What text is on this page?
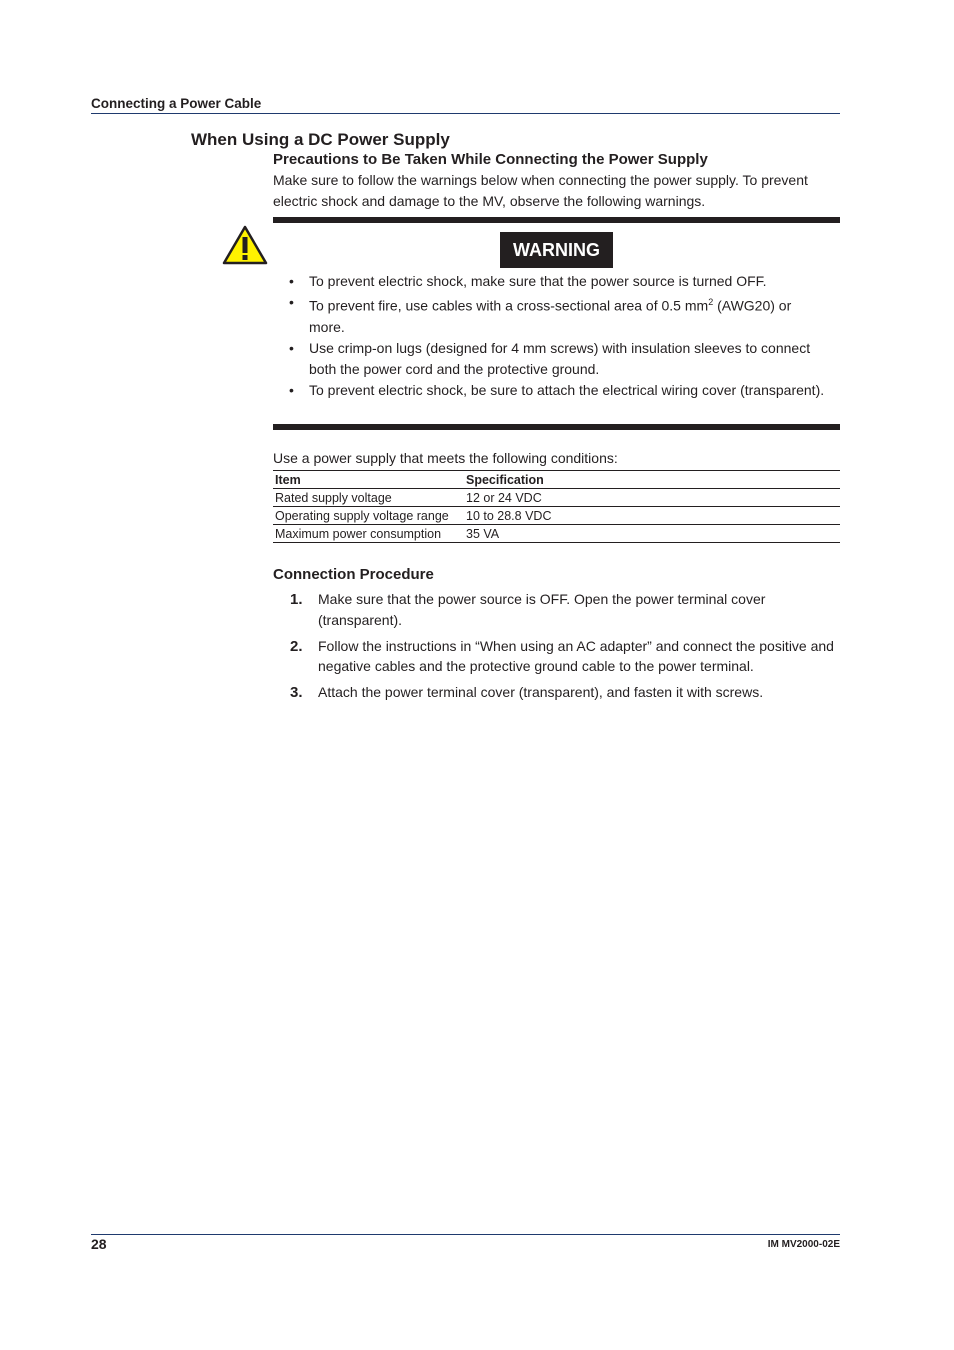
Connecting a Power Cable
When Using a DC Power Supply
Precautions to Be Taken While Connecting the Power Supply
Make sure to follow the warnings below when connecting the power supply. To prevent electric shock and damage to the MV, observe the following warnings.
WARNING
• To prevent electric shock, make sure that the power source is turned OFF.
• To prevent fire, use cables with a cross-sectional area of 0.5 $mm^2$ (AWG20) or more.
• Use crimp-on lugs (designed for 4 mm screws) with insulation sleeves to connect both the power cord and the protective ground.
• To prevent electric shock, be sure to attach the electrical wiring cover (transparent).
Use a power supply that meets the following conditions:
Item	Specification
Rated supply voltage	12 or 24 VDC
Operating supply voltage range	10 to 28.8 VDC
Maximum power consumption	35 VA
Connection Procedure
1. Make sure that the power source is OFF. Open the power terminal cover (transparent).
2. Follow the instructions in “When using an AC adapter” and connect the positive and negative cables and the protective ground cable to the power terminal.
3. Attach the power terminal cover (transparent), and fasten it with screws.
28	IM MV2000-02E
